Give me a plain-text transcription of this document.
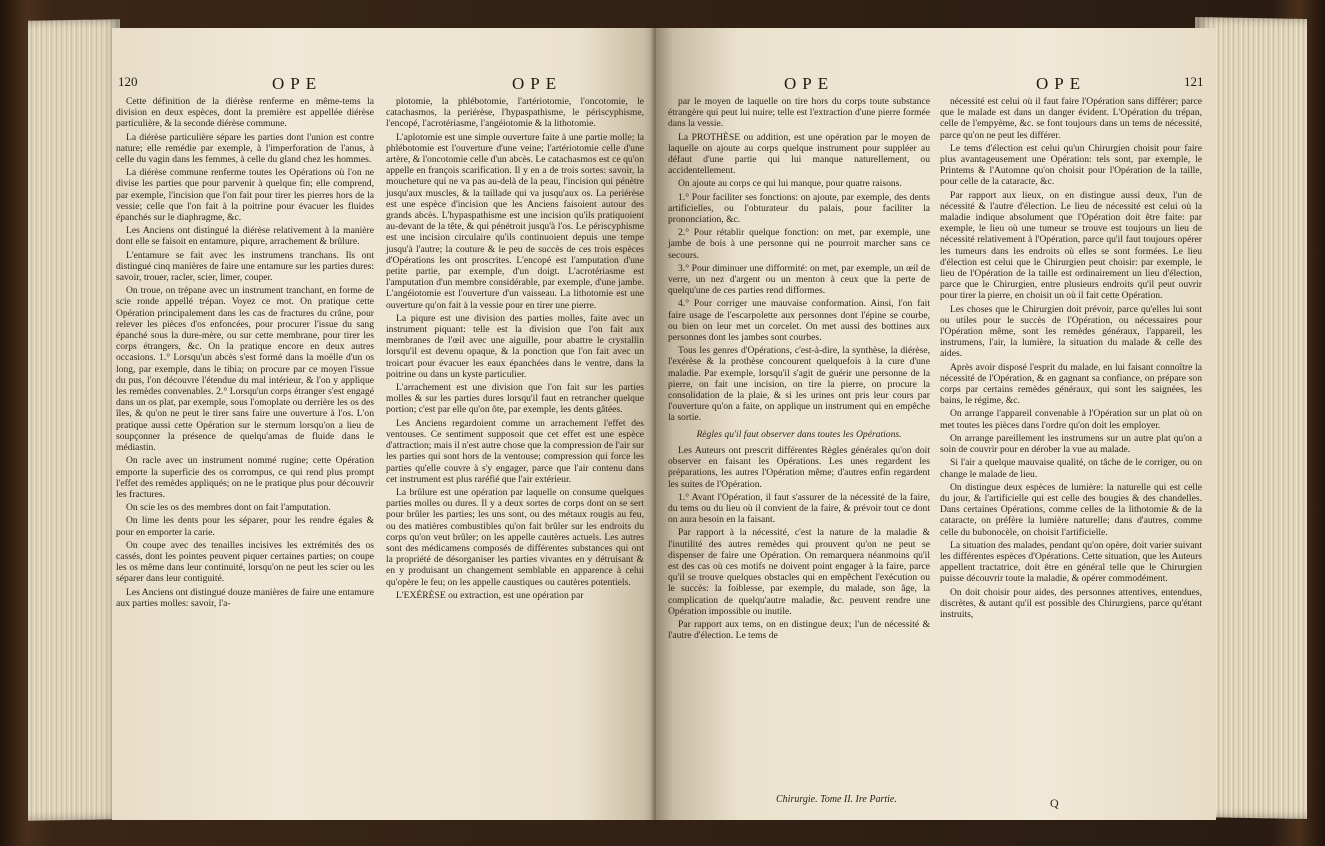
120	OPE	OPE

Cette définition de la diérèse renferme en même-tems la division en deux espèces, dont la première est appellée diérèse particulière, & la seconde diérèse commune.

La diérèse particulière sépare les parties dont l'union est contre nature; elle remédie par exemple, à l'imperforation de l'anus, à celle du vagin dans les femmes, à celle du gland chez les hommes.

La diérèse commune renferme toutes les Opérations où l'on ne divise les parties que pour parvenir à quelque fin; elle comprend, par exemple, l'incision que l'on fait pour tirer les pierres hors de la vessie; celle que l'on fait à la poitrine pour évacuer les fluides épanchés sur le diaphragme, &c.

Les Anciens ont distingué la diérèse relativement à la manière dont elle se faisoit en entamure, piqure, arrachement & brûlure.

L'entamure se fait avec les instrumens tranchans. Ils ont distingué cinq manières de faire une entamure sur les parties dures: savoir, trouer, racler, scier, limer, couper.

On troue, on trépane avec un instrument tranchant, en forme de scie ronde appellé trépan. Voyez ce mot. On pratique cette Opération principalement dans les cas de fractures du crâne, pour relever les pièces d'os enfoncées, pour procurer l'issue du sang épanché sous la dure-mère, ou sur cette membrane, pour tirer les corps étrangers, &c. On la pratique encore en deux autres occasions. 1.° Lorsqu'un abcès s'est formé dans la moëlle d'un os long, par exemple, dans le tibia; on procure par ce moyen l'issue du pus, l'on découvre l'étendue du mal intérieur, & l'on y applique les remèdes convenables. 2.° Lorsqu'un corps étranger s'est engagé dans un os plat, par exemple, sous l'omoplate ou derrière les os des îles, & qu'on ne peut le tirer sans faire une ouverture à l'os. L'on pratique aussi cette Opération sur le sternum lorsqu'on a lieu de soupçonner la présence de quelqu'amas de fluide dans le médiastin.

On racle avec un instrument nommé rugine; cette Opération emporte la superficie des os corrompus, ce qui rend plus prompt l'effet des remèdes appliqués; on ne le pratique plus pour découvrir les fractures.

On scie les os des membres dont on fait l'amputation.

On lime les dents pour les séparer, pour les rendre égales & pour en emporter la carie.

On coupe avec des tenailles incisives les extrémités des os cassés, dont les pointes peuvent piquer certaines parties; on coupe les os même dans leur continuité, lorsqu'on ne peut les scier ou les séparer dans leur contiguité.

Les Anciens ont distingué douze manières de faire une entamure aux parties molles: savoir, l'a-

plotomie, la phlébotomie, l'artériotomie, l'oncotomie, le catachasmos, la periérèse, l'hypaspathisme, le périscyphisme, l'encopé, l'acrotériasme, l'angéiotomie & la lithotomie.

L'aplotomie est une simple ouverture faite à une partie molle; la phlébotomie est l'ouverture d'une veine; l'artériotomie celle d'une artère, & l'oncotomie celle d'un abcès. Le catachasmos est ce qu'on appelle en françois scarification. Il y en a de trois sortes: savoir, la moucheture qui ne va pas au-delà de la peau, l'incision qui pénètre jusqu'aux muscles, & la taillade qui va jusqu'aux os. La periérèse est une espèce d'incision que les Anciens faisoient autour des grands abcès. L'hypaspathisme est une incision qu'ils pratiquoient au-devant de la tête, & qui pénétroit jusqu'à l'os. Le périscyphisme est une incision circulaire qu'ils continuoient depuis une tempe jusqu'à l'autre; la couture & le peu de succès de ces trois espèces d'Opérations les ont proscrites. L'encopé est l'amputation d'une petite partie, par exemple, d'un doigt. L'acrotériasme est l'amputation d'un membre considérable, par exemple, d'une jambe. L'angéiotomie est l'ouverture d'un vaisseau. La lithotomie est une ouverture qu'on fait à la vessie pour en tirer une pierre.

La piqure est une division des parties molles, faite avec un instrument piquant: telle est la division que l'on fait aux membranes de l'œil avec une aiguille, pour abattre le crystallin lorsqu'il est devenu opaque, & la ponction que l'on fait avec un troicart pour évacuer les eaux épanchées dans le ventre, dans la poitrine ou dans un kyste particulier.

L'arrachement est une division que l'on fait sur les parties molles & sur les parties dures lorsqu'il faut en retrancher quelque portion; c'est par elle qu'on ôte, par exemple, les dents gâtées.

Les Anciens regardoient comme un arrachement l'effet des ventouses. Ce sentiment supposoit que cet effet est une espèce d'attraction; mais il n'est autre chose que la compression de l'air sur les parties qui sont hors de la ventouse; compression qui force les parties qu'elle couvre à s'y engager, parce que l'air contenu dans cet instrument est plus raréfié que l'air extérieur.

La brûlure est une opération par laquelle on consume quelques parties molles ou dures. Il y a deux sortes de corps dont on se sert pour brûler les parties; les uns sont, ou des métaux rougis au feu, ou des matières combustibles qu'on fait brûler sur les endroits du corps qu'on veut brûler; on les appelle cautères actuels. Les autres sont des médicamens composés de différentes substances qui ont la propriété de désorganiser les parties vivantes en y détruisant & en y produisant un changement semblable en apparence à celui qu'opère le feu; on les appelle caustiques ou cautères potentiels.

L'EXÉRÈSE ou extraction, est une opération par

OPE	OPE	121

par le moyen de laquelle on tire hors du corps toute substance étrangère qui peut lui nuire; telle est l'extraction d'une pierre formée dans la vessie.

La PROTHÈSE ou addition, est une opération par le moyen de laquelle on ajoute au corps quelque instrument pour suppléer au défaut d'une partie qui lui manque naturellement, ou accidentellement.

On ajoute au corps ce qui lui manque, pour quatre raisons.

1.° Pour faciliter ses fonctions: on ajoute, par exemple, des dents artificielles, ou l'obturateur du palais, pour faciliter la prononciation, &c.

2.° Pour rétablir quelque fonction: on met, par exemple, une jambe de bois à une personne qui ne pourroit marcher sans ce secours.

3.° Pour diminuer une difformité: on met, par exemple, un œil de verre, un nez d'argent ou un menton à ceux que la perte de quelqu'une de ces parties rend difformes.

4.° Pour corriger une mauvaise conformation. Ainsi, l'on fait faire usage de l'escarpolette aux personnes dont l'épine se courbe, ou bien on leur met un corcelet. On met aussi des bottines aux personnes dont les jambes sont courbes.

Tous les genres d'Opérations, c'est-à-dire, la synthèse, la diérèse, l'exérèse & la prothèse concourent quelquefois à la cure d'une maladie. Par exemple, lorsqu'il s'agit de guérir une personne de la pierre, on fait une incision, on tire la pierre, on procure la consolidation de la plaie, & si les urines ont pris leur cours par l'ouverture qu'on a faite, on applique un instrument qui en empêche la sortie.

Règles qu'il faut observer dans toutes les Opérations.

Les Auteurs ont prescrit différentes Règles générales qu'on doit observer en faisant les Opérations. Les unes regardent les préparations, les autres l'Opération même; d'autres enfin regardent les suites de l'Opération.

1.° Avant l'Opération, il faut s'assurer de la nécessité de la faire, du tems ou du lieu où il convient de la faire, & prévoir tout ce dont on aura besoin en la faisant.

Par rapport à la nécessité, c'est la nature de la maladie & l'inutilité des autres remèdes qui prouvent qu'on ne peut se dispenser de faire une Opération. On remarquera néanmoins qu'il est des cas où ces motifs ne doivent point engager à la faire, parce qu'il se trouve quelques obstacles qui en empêchent l'exécution ou le succès: la foiblesse, par exemple, du malade, son âge, la complication de quelqu'autre maladie, &c. peuvent rendre une Opération impossible ou inutile.

Par rapport aux tems, on en distingue deux; l'un de nécessité & l'autre d'élection. Le tems de

nécessité est celui où il faut faire l'Opération sans différer; parce que le malade est dans un danger évident. L'Opération du trépan, celle de l'empyème, &c. se font toujours dans un tems de nécessité, parce qu'on ne peut les différer.

Le tems d'élection est celui qu'un Chirurgien choisit pour faire plus avantageusement une Opération: tels sont, par exemple, le Printems & l'Automne qu'on choisit pour l'Opération de la taille, pour celle de la cataracte, &c.

Par rapport aux lieux, on en distingue aussi deux, l'un de nécessité & l'autre d'élection. Le lieu de nécessité est celui où la maladie indique absolument que l'Opération doit être faite: par exemple, le lieu où une tumeur se trouve est toujours un lieu de nécessité relativement à l'Opération, parce qu'il faut toujours opérer les tumeurs dans les endroits où elles se sont formées. Le lieu d'élection est celui que le Chirurgien peut choisir: par exemple, le lieu de l'Opération de la taille est ordinairement un lieu d'élection, parce que le Chirurgien, entre plusieurs endroits qu'il peut ouvrir pour tirer la pierre, en choisit un où il fait cette Opération.

Les choses que le Chirurgien doit prévoir, parce qu'elles lui sont ou utiles pour le succès de l'Opération, ou nécessaires pour l'Opération même, sont les remèdes généraux, l'appareil, les instrumens, l'air, la lumière, la situation du malade & celle des aides.

Après avoir disposé l'esprit du malade, en lui faisant connoître la nécessité de l'Opération, & en gagnant sa confiance, on prépare son corps par certains remèdes généraux, qui sont les saignées, les bains, le régime, &c.

On arrange l'appareil convenable à l'Opération sur un plat où on met toutes les pièces dans l'ordre qu'on doit les employer.

On arrange pareillement les instrumens sur un autre plat qu'on a soin de couvrir pour en dérober la vue au malade.

Si l'air a quelque mauvaise qualité, on tâche de le corriger, ou on change le malade de lieu.

On distingue deux espèces de lumière: la naturelle qui est celle du jour, & l'artificielle qui est celle des bougies & des chandelles. Dans certaines Opérations, comme celles de la lithotomie & de la cataracte, on préfère la lumière naturelle; dans d'autres, comme celle du bubonocèle, on choisit l'artificielle.

La situation des malades, pendant qu'on opère, doit varier suivant les différentes espèces d'Opérations. Cette situation, que les Auteurs appellent tractatrice, doit être en général telle que le Chirurgien puisse découvrir toute la maladie, & opérer commodément.

On doit choisir pour aides, des personnes attentives, entendues, discrètes, & autant qu'il est possible des Chirurgiens, parce qu'étant instruits,

Chirurgie. Tome II. Ire Partie.	Q
